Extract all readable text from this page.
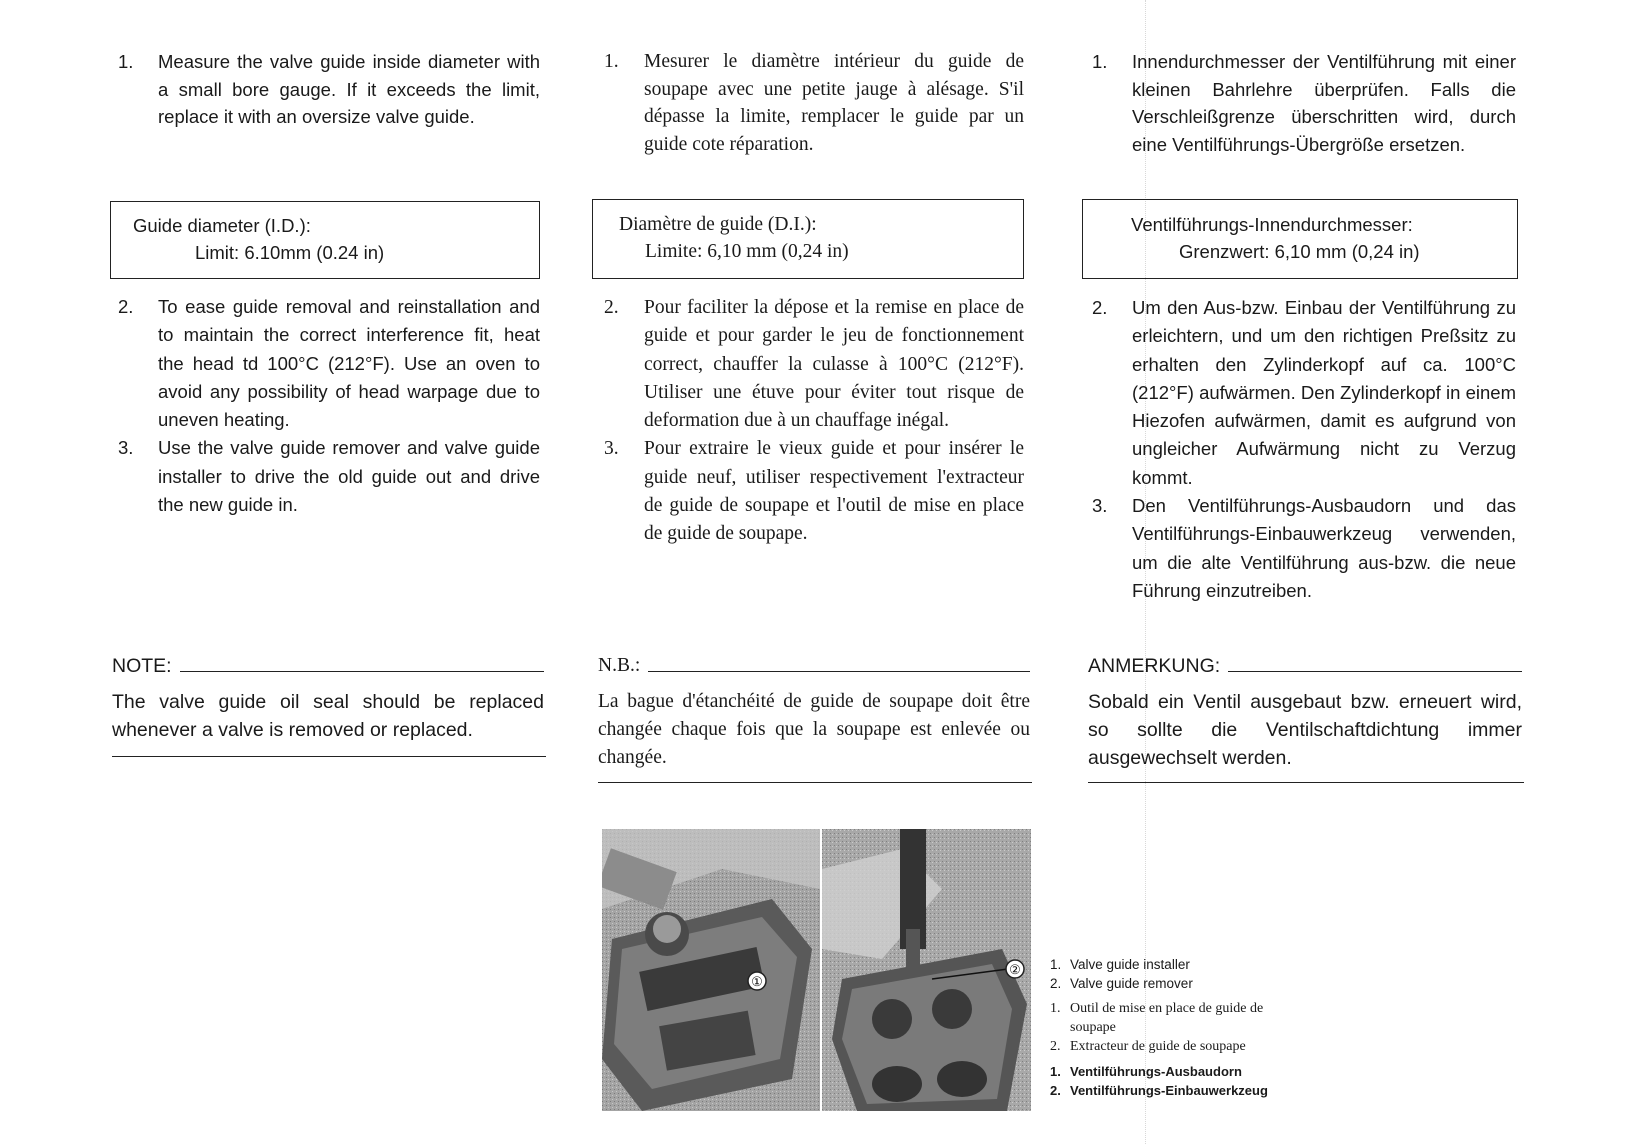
1. Measure the valve guide inside diameter with a small bore gauge. If it exceeds the limit, replace it with an oversize valve guide.
Guide diameter (I.D.):
Limit: 6.10mm (0.24 in)
2. To ease guide removal and reinstallation and to maintain the correct interference fit, heat the head td 100°C (212°F). Use an oven to avoid any possibility of head warpage due to uneven heating.
3. Use the valve guide remover and valve guide installer to drive the old guide out and drive the new guide in.
NOTE:
The valve guide oil seal should be replaced whenever a valve is removed or replaced.
1. Mesurer le diamètre intérieur du guide de soupape avec une petite jauge à alésage. S'il dépasse la limite, remplacer le guide par un guide cote réparation.
Diamètre de guide (D.I.):
Limite: 6,10 mm (0,24 in)
2. Pour faciliter la dépose et la remise en place de guide et pour garder le jeu de fonctionnement correct, chauffer la culasse à 100°C (212°F). Utiliser une étuve pour éviter tout risque de deformation due à un chauffage inégal.
3. Pour extraire le vieux guide et pour insérer le guide neuf, utiliser respectivement l'extracteur de guide de soupape et l'outil de mise en place de guide de soupape.
N.B.:
La bague d'étanchéité de guide de soupape doit être changée chaque fois que la soupape est enlevée ou changée.
1. Innendurchmesser der Ventilführung mit einer kleinen Bahrlehre überprüfen. Falls die Verschleißgrenze überschritten wird, durch eine Ventilführungs-Übergröße ersetzen.
Ventilführungs-Innendurchmesser:
Grenzwert: 6,10 mm (0,24 in)
2. Um den Aus-bzw. Einbau der Ventilführung zu erleichtern, und um den richtigen Preßsitz zu erhalten den Zylinderkopf auf ca. 100°C (212°F) aufwärmen. Den Zylinderkopf in einem Hiezofen aufwärmen, damit es aufgrund von ungleicher Aufwärmung nicht zu Verzug kommt.
3. Den Ventilführungs-Ausbaudorn und das Ventilführungs-Einbauwerkzeug verwenden, um die alte Ventilführung aus-bzw. die neue Führung einzutreiben.
ANMERKUNG:
Sobald ein Ventil ausgebaut bzw. erneuert wird, so sollte die Ventilschaftdichtung immer ausgewechselt werden.
①
② 1. Valve guide installer
2. Valve guide remover
1. Outil de mise en place de guide de soupape
2. Extracteur de guide de soupape
1. Ventilführungs-Ausbaudorn
2. Ventilführungs-Einbauwerkzeug
